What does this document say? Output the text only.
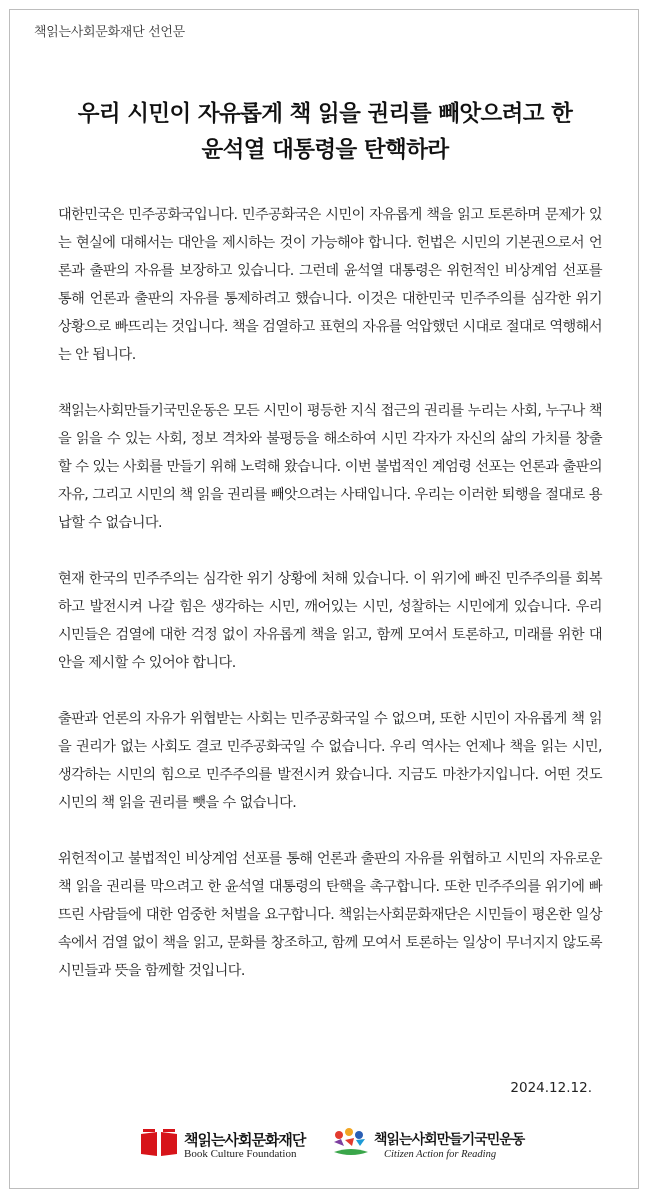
책읽는사회문화재단 선언문
우리 시민이 자유롭게 책 읽을 권리를 빼앗으려고 한
윤석열 대통령을 탄핵하라

대한민국은 민주공화국입니다. 민주공화국은 시민이 자유롭게 책을 읽고 토론하며 문제가 있는 현실에 대해서는 대안을 제시하는 것이 가능해야 합니다. 헌법은 시민의 기본권으로서 언론과 출판의 자유를 보장하고 있습니다. 그런데 윤석열 대통령은 위헌적인 비상계엄 선포를 통해 언론과 출판의 자유를 통제하려고 했습니다. 이것은 대한민국 민주주의를 심각한 위기 상황으로 빠뜨리는 것입니다. 책을 검열하고 표현의 자유를 억압했던 시대로 절대로 역행해서는 안 됩니다.

책읽는사회만들기국민운동은 모든 시민이 평등한 지식 접근의 권리를 누리는 사회, 누구나 책을 읽을 수 있는 사회, 정보 격차와 불평등을 해소하여 시민 각자가 자신의 삶의 가치를 창출할 수 있는 사회를 만들기 위해 노력해 왔습니다. 이번 불법적인 계엄령 선포는 언론과 출판의 자유, 그리고 시민의 책 읽을 권리를 빼앗으려는 사태입니다. 우리는 이러한 퇴행을 절대로 용납할 수 없습니다.

현재 한국의 민주주의는 심각한 위기 상황에 처해 있습니다. 이 위기에 빠진 민주주의를 회복하고 발전시켜 나갈 힘은 생각하는 시민, 깨어있는 시민, 성찰하는 시민에게 있습니다. 우리 시민들은 검열에 대한 걱정 없이 자유롭게 책을 읽고, 함께 모여서 토론하고, 미래를 위한 대안을 제시할 수 있어야 합니다.

출판과 언론의 자유가 위협받는 사회는 민주공화국일 수 없으며, 또한 시민이 자유롭게 책 읽을 권리가 없는 사회도 결코 민주공화국일 수 없습니다. 우리 역사는 언제나 책을 읽는 시민, 생각하는 시민의 힘으로 민주주의를 발전시켜 왔습니다. 지금도 마찬가지입니다. 어떤 것도 시민의 책 읽을 권리를 뺏을 수 없습니다.

위헌적이고 불법적인 비상계엄 선포를 통해 언론과 출판의 자유를 위협하고 시민의 자유로운 책 읽을 권리를 막으려고 한 윤석열 대통령의 탄핵을 촉구합니다. 또한 민주주의를 위기에 빠뜨린 사람들에 대한 엄중한 처벌을 요구합니다. 책읽는사회문화재단은 시민들이 평온한 일상 속에서 검열 없이 책을 읽고, 문화를 창조하고, 함께 모여서 토론하는 일상이 무너지지 않도록 시민들과 뜻을 함께할 것입니다.

2024.12.12.
책읽는사회문화재단
Book Culture Foundation
책읽는사회만들기국민운동
Citizen Action for Reading
